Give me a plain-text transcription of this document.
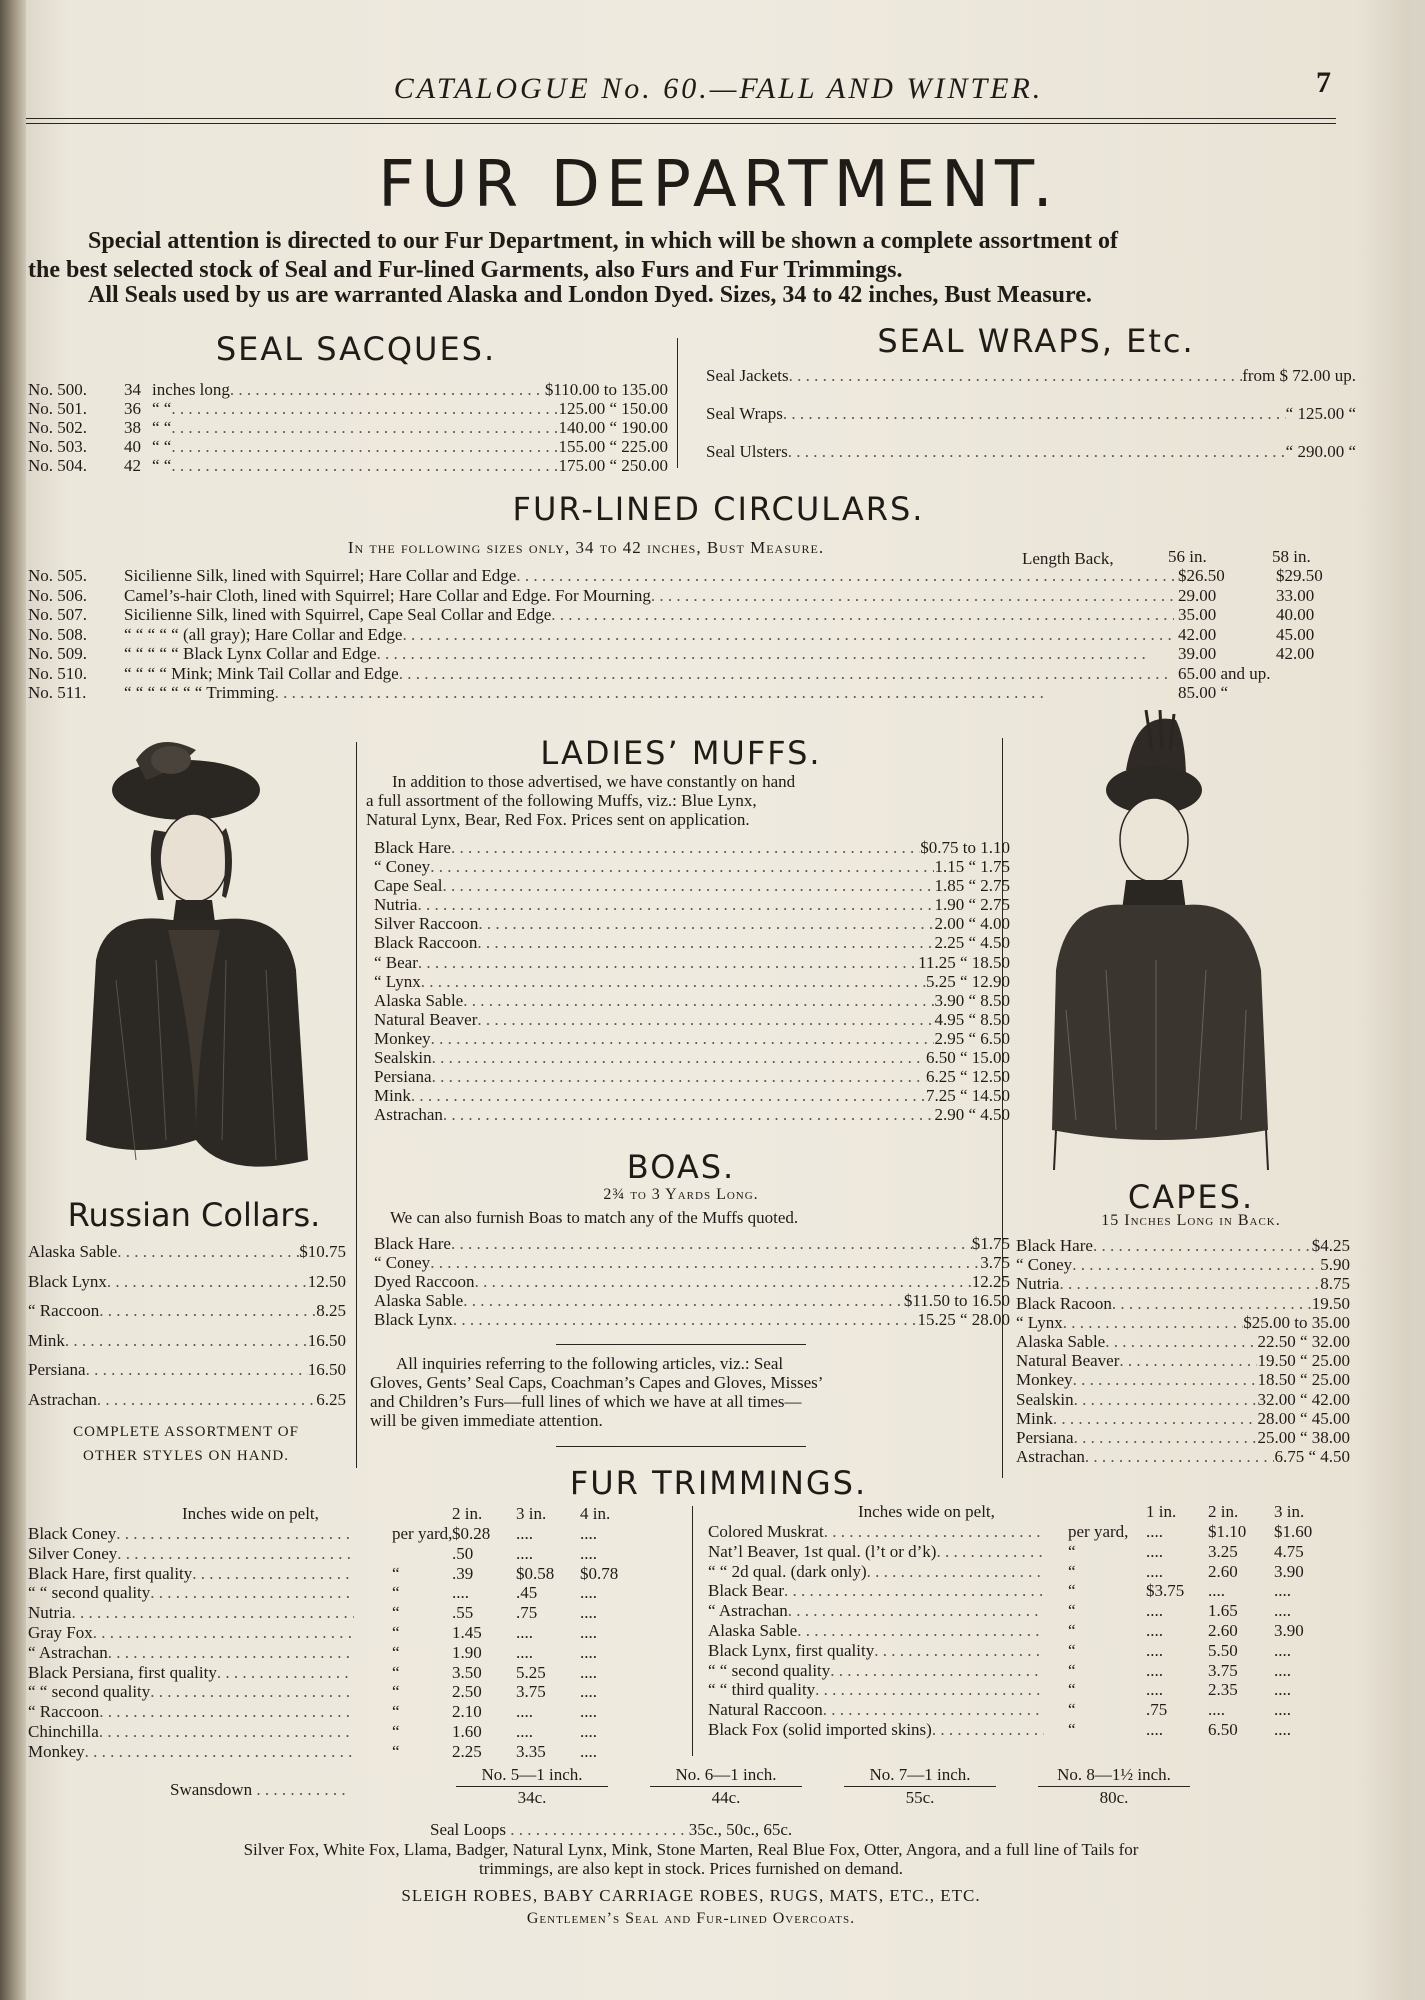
CATALOGUE No. 60.—FALL AND WINTER.	7
FUR DEPARTMENT.
Special attention is directed to our Fur Department, in which will be shown a complete assortment of
the best selected stock of Seal and Fur-lined Garments, also Furs and Fur Trimmings.
All Seals used by us are warranted Alaska and London Dyed. Sizes, 34 to 42 inches, Bust Measure.
SEAL SACQUES.
No. 500. 34 inches long . . .	$110.00 to 135.00
No. 501. 36 “ “ . . .	125.00 “ 150.00
No. 502. 38 “ “ . . .	140.00 “ 190.00
No. 503. 40 “ “ . . .	155.00 “ 225.00
No. 504. 42 “ “ . . .	175.00 “ 250.00
SEAL WRAPS, Etc.
Seal Jackets . . .	from $ 72.00 up.
Seal Wraps . . .	“ 125.00 “
Seal Ulsters . . .	“ 290.00 “
FUR-LINED CIRCULARS.
In the following sizes only, 34 to 42 inches, Bust Measure.
Length Back,	56 in.	58 in.
No. 505. Sicilienne Silk, lined with Squirrel; Hare Collar and Edge . . .	$26.50	$29.50
No. 506. Camel’s-hair Cloth, lined with Squirrel; Hare Collar and Edge. For Mourning . . .	29.00	33.00
No. 507. Sicilienne Silk, lined with Squirrel, Cape Seal Collar and Edge . . .	35.00	40.00
No. 508. “ “ “ “ “ (all gray); Hare Collar and Edge . . .	42.00	45.00
No. 509. “ “ “ “ “ Black Lynx Collar and Edge . . .	39.00	42.00
No. 510. “ “ “ “ Mink; Mink Tail Collar and Edge . . .	65.00 and up.
No. 511. “ “ “ “ “ “ “ Trimming . . .	85.00 “
LADIES’ MUFFS.
In addition to those advertised, we have constantly on hand
a full assortment of the following Muffs, viz.: Blue Lynx,
Natural Lynx, Bear, Red Fox. Prices sent on application.
Black Hare . . .	$0.75 to 1.10
“ Coney . . .	1.15 “ 1.75
Cape Seal . . .	1.85 “ 2.75
Nutria . . .	1.90 “ 2.75
Silver Raccoon . . .	2.00 “ 4.00
Black Raccoon . . .	2.25 “ 4.50
“ Bear . . .	11.25 “ 18.50
“ Lynx . . .	5.25 “ 12.90
Alaska Sable . . .	3.90 “ 8.50
Natural Beaver . . .	4.95 “ 8.50
Monkey . . .	2.95 “ 6.50
Sealskin . . .	6.50 “ 15.00
Persiana . . .	6.25 “ 12.50
Mink . . .	7.25 “ 14.50
Astrachan . . .	2.90 “ 4.50
BOAS.
2¾ to 3 Yards Long.
We can also furnish Boas to match any of the Muffs quoted.
Black Hare . . .	$1.75
“ Coney . . .	3.75
Dyed Raccoon . . .	12.25
Alaska Sable . . .	$11.50 to 16.50
Black Lynx . . .	15.25 “ 28.00
All inquiries referring to the following articles, viz.: Seal
Gloves, Gents’ Seal Caps, Coachman’s Capes and Gloves, Misses’
and Children’s Furs—full lines of which we have at all times—
will be given immediate attention.
Russian Collars.
Alaska Sable . . .	$10.75
Black Lynx . . .	12.50
“ Raccoon . . .	8.25
Mink . . .	16.50
Persiana . . .	16.50
Astrachan . . .	6.25
COMPLETE ASSORTMENT OF
OTHER STYLES ON HAND.
CAPES.
15 Inches Long in Back.
Black Hare . . .	$4.25
“ Coney . . .	5.90
Nutria . . .	8.75
Black Racoon . . .	19.50
“ Lynx . . .	$25.00 to 35.00
Alaska Sable . . .	22.50 “ 32.00
Natural Beaver . . .	19.50 “ 25.00
Monkey . . .	18.50 “ 25.00
Sealskin . . .	32.00 “ 42.00
Mink . . .	28.00 “ 45.00
Persiana . . .	25.00 “ 38.00
Astrachan . . .	6.75 “ 4.50
FUR TRIMMINGS.
Inches wide on pelt,	2 in. 3 in. 4 in.
Black Coney . . .	per yard, $0.28 ....	....
Silver Coney . . .	.50	....	....
Black Hare, first quality . . .	“	.39	$0.58 $0.78
“ “ second quality . . .	“	....	.45	....
Nutria . . .	“	.55	.75	....
Gray Fox . . .	“	1.45 ....	....
“ Astrachan . . .	“	1.90 ....	....
Black Persiana, first quality . . .	“	3.50 5.25 ....
“ “ second quality . . .	“	2.50 3.75 ....
“ Raccoon . . .	“	2.10 ....	....
Chinchilla . . .	“	1.60 ....	....
Monkey . . .	“	2.25 3.35 ....
Inches wide on pelt,	1 in. 2 in. 3 in.
Colored Muskrat . . .	per yard, ....	$1.10 $1.60
Nat’l Beaver, 1st qual. (l’t or d’k) . . .	“	....	3.25 4.75
“ “ 2d qual. (dark only) . . .	“	....	2.60 3.90
Black Bear . . .	“	$3.75 ....	....
“ Astrachan . . .	“	....	1.65 ....
Alaska Sable . . .	“	....	2.60 3.90
Black Lynx, first quality . . .	“	....	5.50 ....
“ “ second quality . . .	“	....	3.75 ....
“ “ third quality . . .	“	....	2.35 ....
Natural Raccoon . . .	“	.75 ....	....
Black Fox (solid imported skins) . . .	“	....	6.50 ....
Swansdown . . . . . . . . . . .
No. 5—1 inch.
34c.
No. 6—1 inch.
44c.
No. 7—1 inch.
55c.
No. 8—1½ inch.
80c.
Seal Loops . . . . . . . . . . . . . . . . . . . . . 35c., 50c., 65c.
Silver Fox, White Fox, Llama, Badger, Natural Lynx, Mink, Stone Marten, Real Blue Fox, Otter, Angora, and a full line of Tails for
trimmings, are also kept in stock. Prices furnished on demand.
SLEIGH ROBES, BABY CARRIAGE ROBES, RUGS, MATS, ETC., ETC.
Gentlemen’s Seal and Fur-lined Overcoats.
